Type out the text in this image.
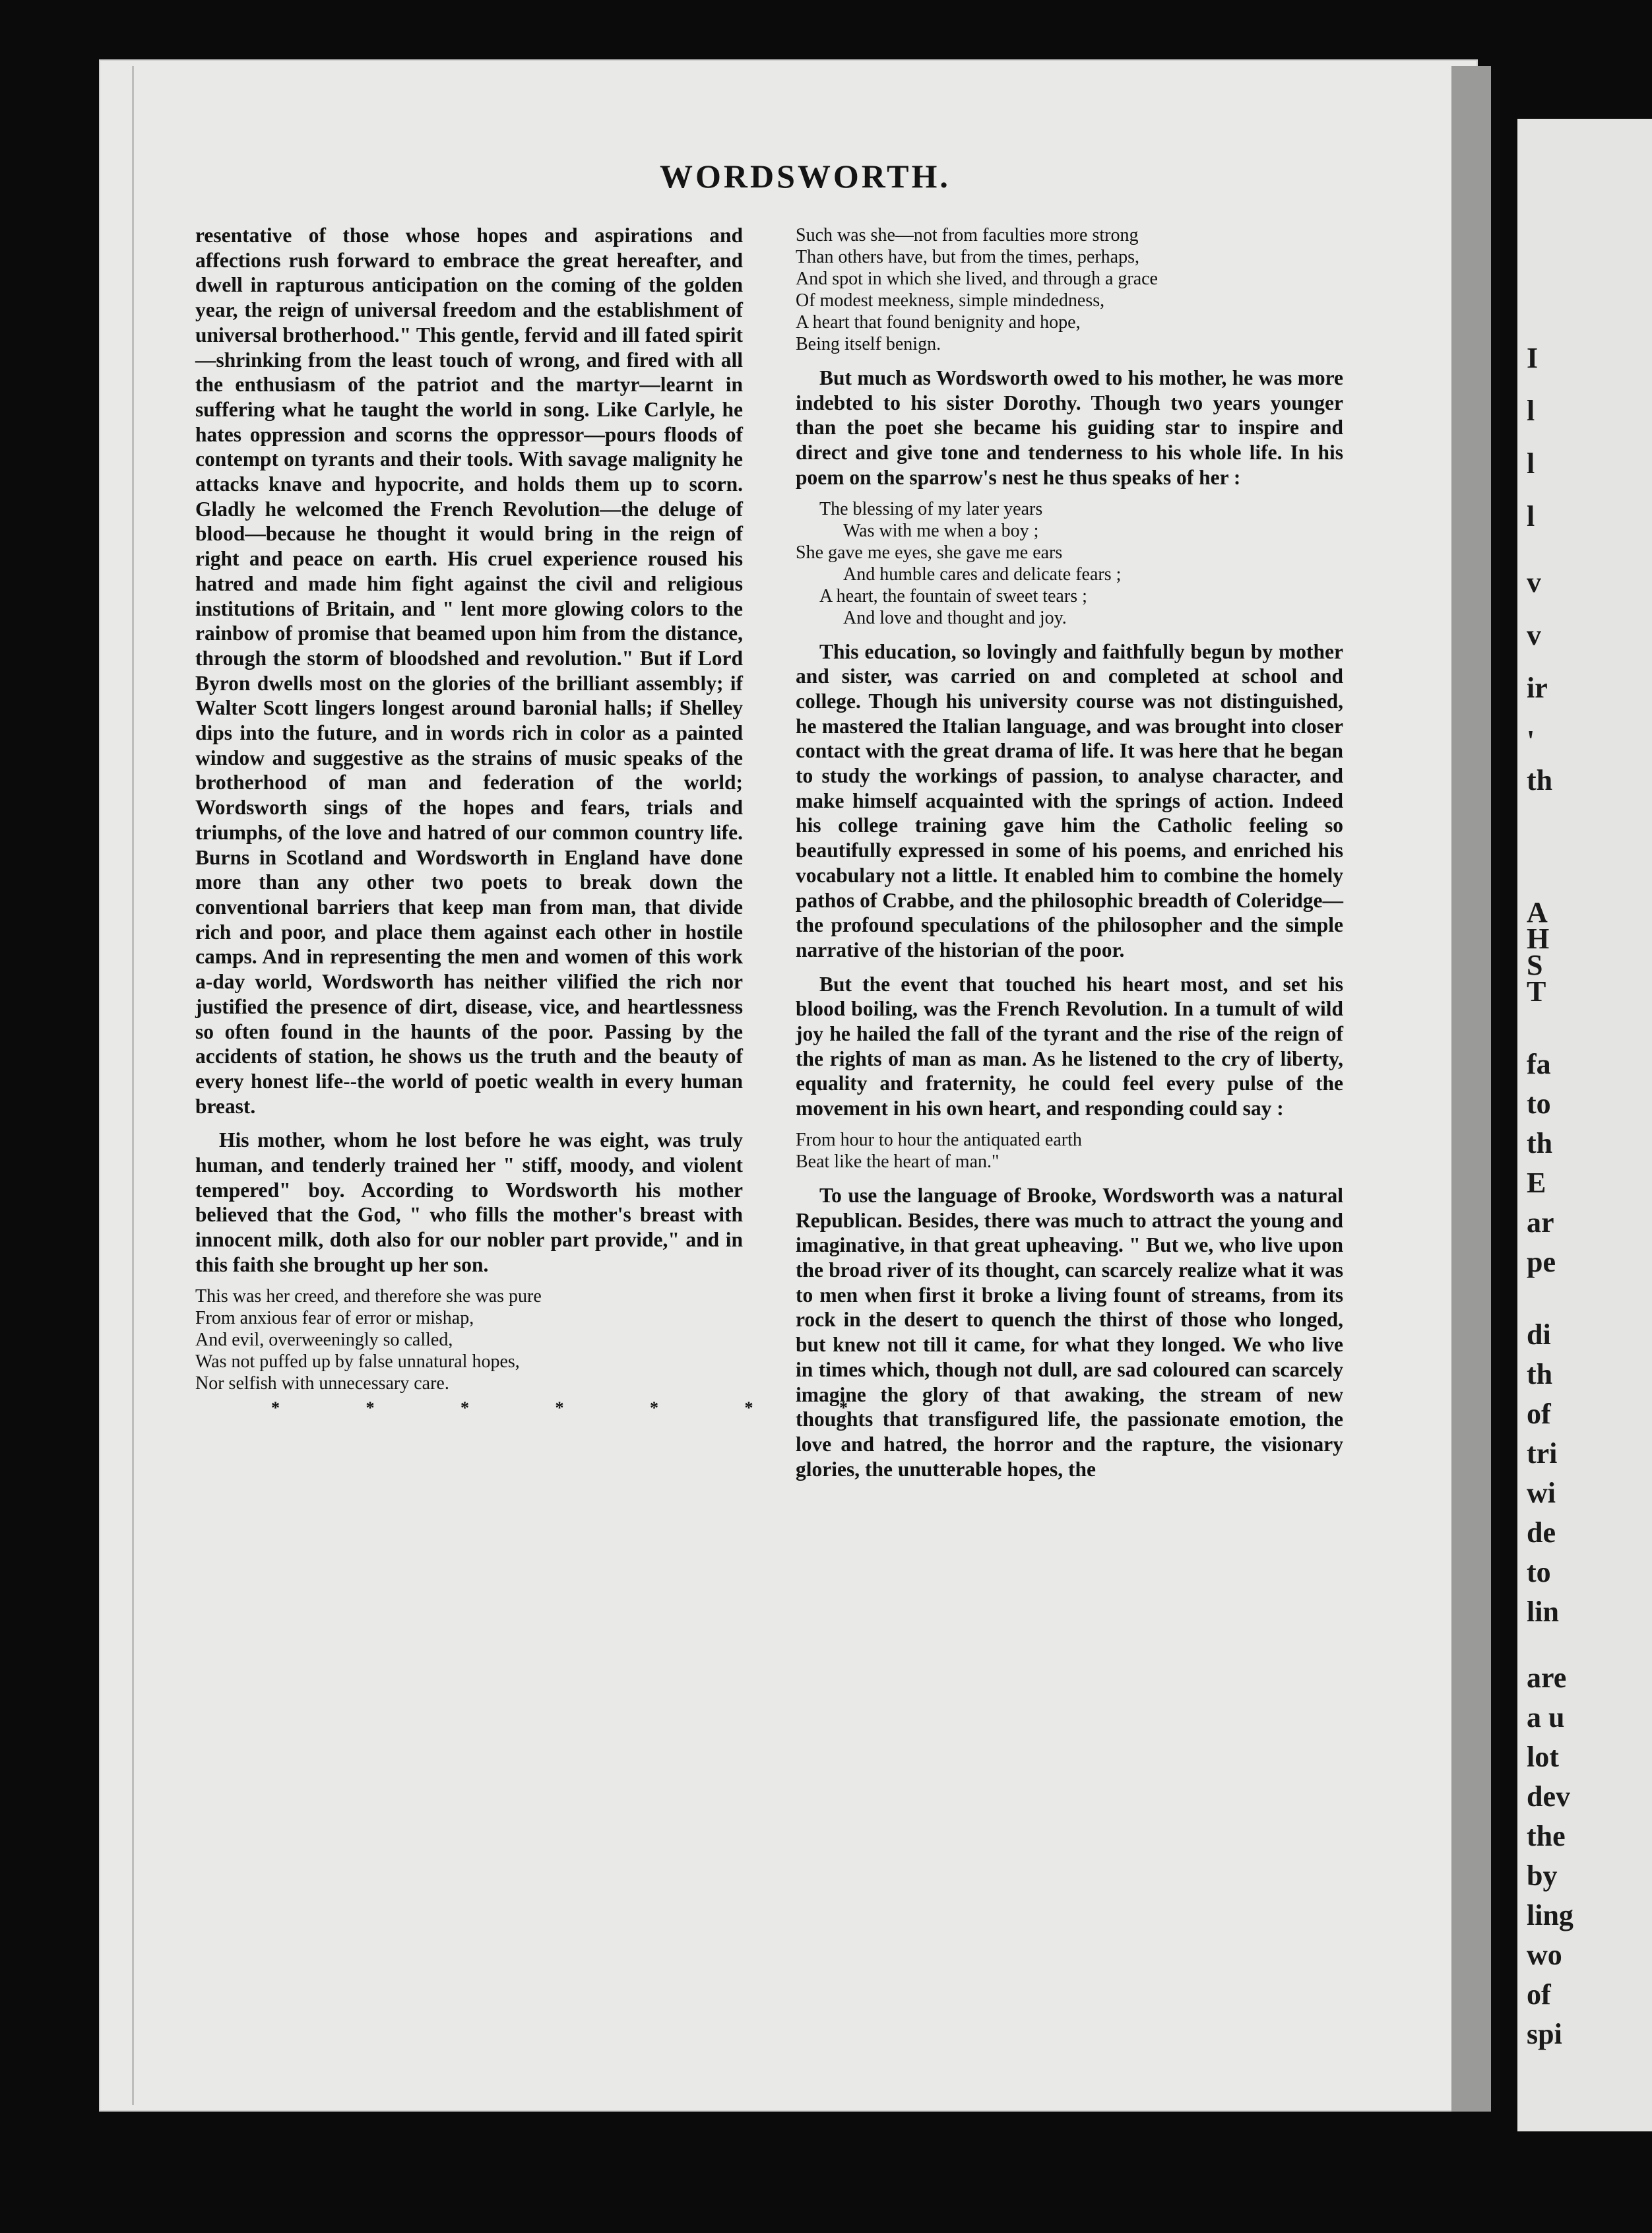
I
l
l
l
v
v
ir
'
th
A
H
S
T
fa
to
th
E
ar
pe
di
th
of
tri
wi
de
to
lin
are
a u
lot
dev
the
by
ling
wo
of
spi
WORDSWORTH.

resentative of those whose hopes and aspirations and affections rush forward to embrace the great hereafter, and dwell in rapturous anticipation on the coming of the golden year, the reign of universal freedom and the establishment of universal brotherhood." This gentle, fervid and ill fated spirit—shrinking from the least touch of wrong, and fired with all the enthusiasm of the patriot and the martyr—learnt in suffering what he taught the world in song. Like Carlyle, he hates oppression and scorns the oppressor—pours floods of contempt on tyrants and their tools. With savage malignity he attacks knave and hypocrite, and holds them up to scorn. Gladly he welcomed the French Revolution—the deluge of blood—because he thought it would bring in the reign of right and peace on earth. His cruel experience roused his hatred and made him fight against the civil and religious institutions of Britain, and " lent more glowing colors to the rainbow of promise that beamed upon him from the distance, through the storm of bloodshed and revolution." But if Lord Byron dwells most on the glories of the brilliant assembly; if Walter Scott lingers longest around baronial halls; if Shelley dips into the future, and in words rich in color as a painted window and suggestive as the strains of music speaks of the brotherhood of man and federation of the world; Wordsworth sings of the hopes and fears, trials and triumphs, of the love and hatred of our common country life. Burns in Scotland and Wordsworth in England have done more than any other two poets to break down the conventional barriers that keep man from man, that divide rich and poor, and place them against each other in hostile camps. And in representing the men and women of this work a-day world, Wordsworth has neither vilified the rich nor justified the presence of dirt, disease, vice, and heartlessness so often found in the haunts of the poor. Passing by the accidents of station, he shows us the truth and the beauty of every honest life--the world of poetic wealth in every human breast.

His mother, whom he lost before he was eight, was truly human, and tenderly trained her " stiff, moody, and violent tempered" boy. According to Wordsworth his mother believed that the God, " who fills the mother's breast with innocent milk, doth also for our nobler part provide," and in this faith she brought up her son.

This was her creed, and therefore she was pure
From anxious fear of error or mishap,
And evil, overweeningly so called,
Was not puffed up by false unnatural hopes,
Nor selfish with unnecessary care.
* * * * * * *
Such was she—not from faculties more strong
Than others have, but from the times, perhaps,
And spot in which she lived, and through a grace
Of modest meekness, simple mindedness,
A heart that found benignity and hope,
Being itself benign.

But much as Wordsworth owed to his mother, he was more indebted to his sister Dorothy. Though two years younger than the poet she became his guiding star to inspire and direct and give tone and tenderness to his whole life. In his poem on the sparrow's nest he thus speaks of her :

The blessing of my later years
Was with me when a boy ;
She gave me eyes, she gave me ears
And humble cares and delicate fears ;
A heart, the fountain of sweet tears ;
And love and thought and joy.

This education, so lovingly and faithfully begun by mother and sister, was carried on and completed at school and college. Though his university course was not distinguished, he mastered the Italian language, and was brought into closer contact with the great drama of life. It was here that he began to study the workings of passion, to analyse character, and make himself acquainted with the springs of action. Indeed his college training gave him the Catholic feeling so beautifully expressed in some of his poems, and enriched his vocabulary not a little. It enabled him to combine the homely pathos of Crabbe, and the philosophic breadth of Coleridge—the profound speculations of the philosopher and the simple narrative of the historian of the poor.

But the event that touched his heart most, and set his blood boiling, was the French Revolution. In a tumult of wild joy he hailed the fall of the tyrant and the rise of the reign of the rights of man as man. As he listened to the cry of liberty, equality and fraternity, he could feel every pulse of the movement in his own heart, and responding could say :

From hour to hour the antiquated earth
Beat like the heart of man."

To use the language of Brooke, Wordsworth was a natural Republican. Besides, there was much to attract the young and imaginative, in that great upheaving. " But we, who live upon the broad river of its thought, can scarcely realize what it was to men when first it broke a living fount of streams, from its rock in the desert to quench the thirst of those who longed, but knew not till it came, for what they longed. We who live in times which, though not dull, are sad coloured can scarcely imagine the glory of that awaking, the stream of new thoughts that transfigured life, the passionate emotion, the love and hatred, the horror and the rapture, the visionary glories, the unutterable hopes, the
